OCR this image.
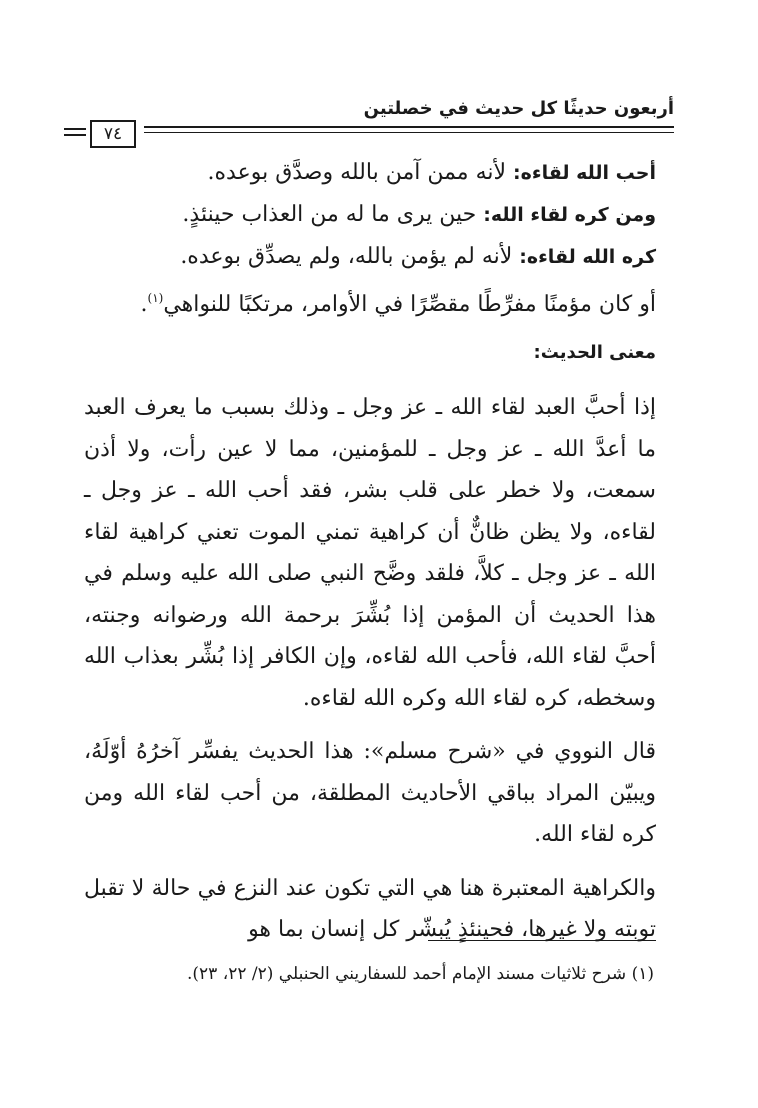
٧٤
أربعون حديثًا كل حديث في خصلتين

أحب الله لقاءه: لأنه ممن آمن بالله وصدَّق بوعده.

ومن كره لقاء الله: حين يرى ما له من العذاب حينئذٍ.

كره الله لقاءه: لأنه لم يؤمن بالله، ولم يصدِّق بوعده.

أو كان مؤمنًا مفرِّطًا مقصِّرًا في الأوامر، مرتكبًا للنواهي$^{(١)}$.

معنى الحديث:

إذا أحبَّ العبد لقاء الله ـ عز وجل ـ وذلك بسبب ما يعرف العبد ما أعدَّ الله ـ عز وجل ـ للمؤمنين، مما لا عين رأت، ولا أذن سمعت، ولا خطر على قلب بشر، فقد أحب الله ـ عز وجل ـ لقاءه، ولا يظن ظانٌّ أن كراهية تمني الموت تعني كراهية لقاء الله ـ عز وجل ـ كلاَّ، فلقد وضَّح النبي صلى الله عليه وسلم في هذا الحديث أن المؤمن إذا بُشِّرَ برحمة الله ورضوانه وجنته، أحبَّ لقاء الله، فأحب الله لقاءه، وإن الكافر إذا بُشِّر بعذاب الله وسخطه، كره لقاء الله وكره الله لقاءه.

قال النووي في «شرح مسلم»: هذا الحديث يفسِّر آخرُهُ أوّلَهُ، ويبيّن المراد بباقي الأحاديث المطلقة، من أحب لقاء الله ومن كره لقاء الله.

والكراهية المعتبرة هنا هي التي تكون عند النزع في حالة لا تقبل توبته ولا غيرها، فحينئذٍ يُبشّر كل إنسان بما هو

(١) شرح ثلاثيات مسند الإمام أحمد للسفاريني الحنبلي (٢/ ٢٢، ٢٣).
